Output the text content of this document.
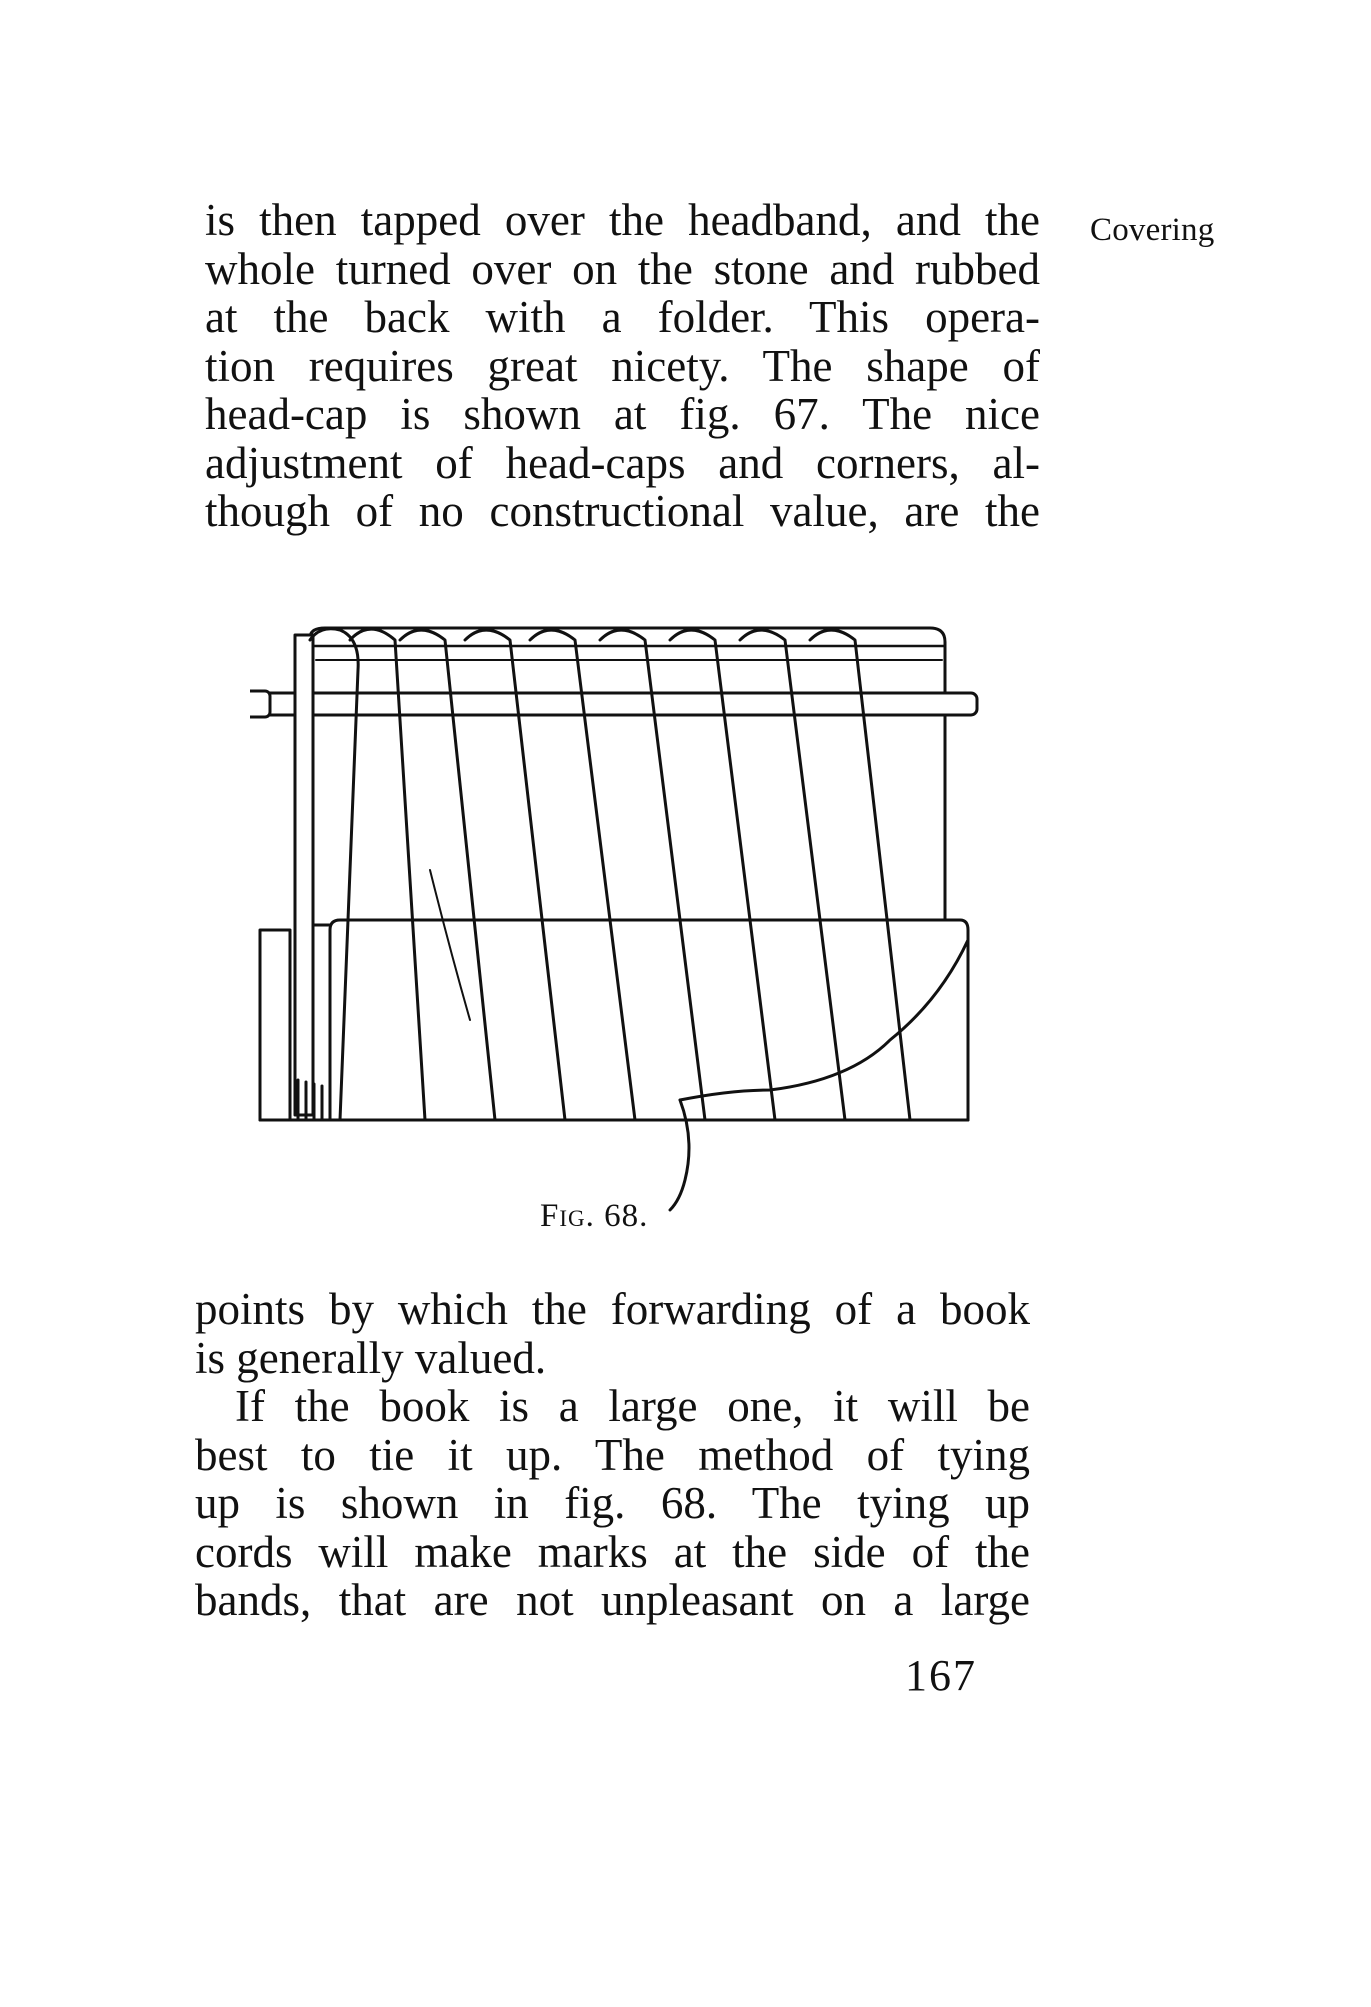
Covering
is then tapped over the headband, and the
whole turned over on the stone and rubbed
at the back with a folder. This opera-
tion requires great nicety. The shape of
head-cap is shown at fig. 67. The nice
adjustment of head-caps and corners, al-
though of no constructional value, are the
Fig. 68.
points by which the forwarding of a book
is generally valued.
If the book is a large one, it will be
best to tie it up. The method of tying
up is shown in fig. 68. The tying up
cords will make marks at the side of the
bands, that are not unpleasant on a large
167
